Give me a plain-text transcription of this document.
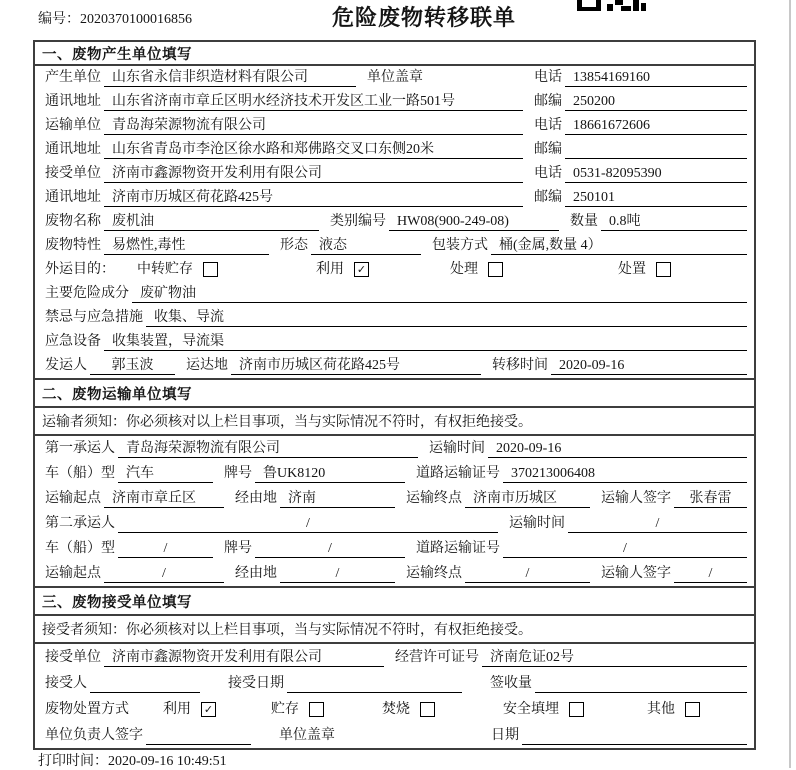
编号：2020370100016856	危险废物转移联单
一、废物产生单位填写
产生单位 山东省永信非织造材料有限公司	单位盖章	电话 13854169160
通讯地址 山东省济南市章丘区明水经济技术开发区工业一路501号	邮编 250200
运输单位 青岛海荣源物流有限公司	电话 18661672606
通讯地址 山东省青岛市李沧区徐水路和郑佛路交叉口东侧20米	邮编
接受单位 济南市鑫源物资开发利用有限公司	电话 0531-82095390
通讯地址 济南市历城区荷花路425号	邮编 250101
废物名称 废机油	类别编号 HW08(900-249-08)	数量 0.8吨
废物特性 易燃性,毒性	形态 液态	包装方式 桶(金属,数量 4）
外运目的： 中转贮存	利用 ✓	处理	处置
主要危险成分 废矿物油
禁忌与应急措施 收集、导流
应急设备 收集装置，导流渠
发运人	郭玉波	运达地 济南市历城区荷花路425号	转移时间 2020-09-16
二、废物运输单位填写
运输者须知：你必须核对以上栏目事项，当与实际情况不符时，有权拒绝接受。
第一承运人 青岛海荣源物流有限公司	运输时间 2020-09-16
车（船）型 汽车	牌号 鲁UK8120	道路运输证号 370213006408
运输起点 济南市章丘区	经由地 济南	运输终点 济南市历城区	运输人签字	张春雷
第二承运人	/	运输时间	/
车（船）型	/	牌号	/	道路运输证号	/
运输起点	/	经由地	/	运输终点	/	运输人签字	/
三、废物接受单位填写
接受者须知：你必须核对以上栏目事项，当与实际情况不符时，有权拒绝接受。
接受单位 济南市鑫源物资开发利用有限公司	经营许可证号 济南危证02号
接受人	接受日期	签收量
废物处置方式 利用 ✓	贮存	焚烧	安全填埋	其他
单位负责人签字	单位盖章	日期
打印时间：2020-09-16 10:49:51
